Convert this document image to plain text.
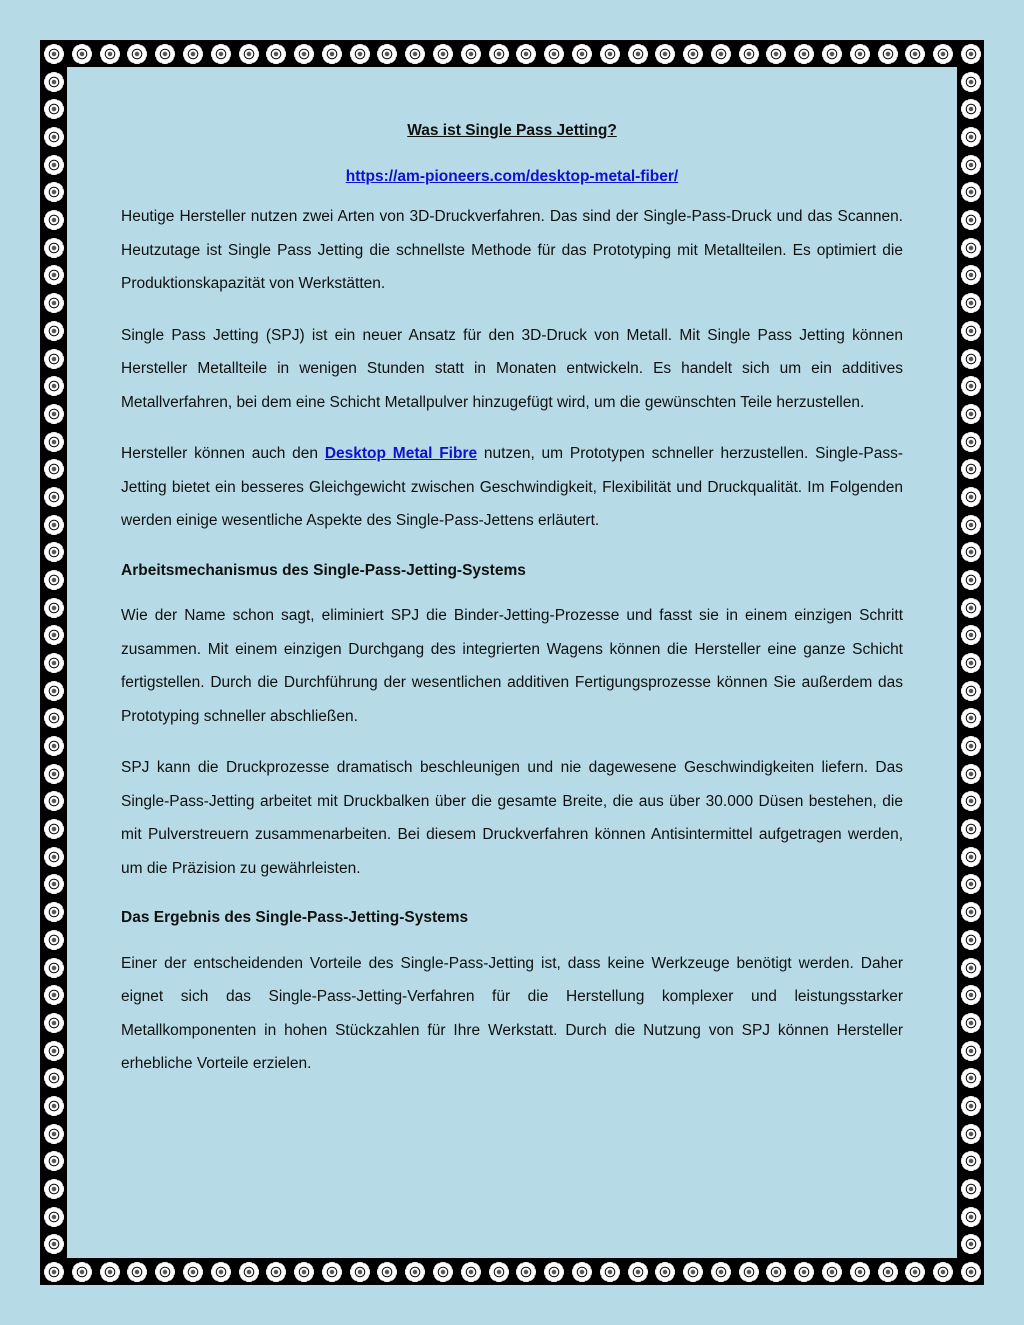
Was ist Single Pass Jetting?

https://am-pioneers.com/desktop-metal-fiber/

Heutige Hersteller nutzen zwei Arten von 3D-Druckverfahren. Das sind der Single-Pass-Druck und das Scannen. Heutzutage ist Single Pass Jetting die schnellste Methode für das Prototyping mit Metallteilen. Es optimiert die Produktionskapazität von Werkstätten.

Single Pass Jetting (SPJ) ist ein neuer Ansatz für den 3D-Druck von Metall. Mit Single Pass Jetting können Hersteller Metallteile in wenigen Stunden statt in Monaten entwickeln. Es handelt sich um ein additives Metallverfahren, bei dem eine Schicht Metallpulver hinzugefügt wird, um die gewünschten Teile herzustellen.

Hersteller können auch den Desktop Metal Fibre nutzen, um Prototypen schneller herzustellen. Single-Pass-Jetting bietet ein besseres Gleichgewicht zwischen Geschwindigkeit, Flexibilität und Druckqualität. Im Folgenden werden einige wesentliche Aspekte des Single-Pass-Jettens erläutert.

Arbeitsmechanismus des Single-Pass-Jetting-Systems

Wie der Name schon sagt, eliminiert SPJ die Binder-Jetting-Prozesse und fasst sie in einem einzigen Schritt zusammen. Mit einem einzigen Durchgang des integrierten Wagens können die Hersteller eine ganze Schicht fertigstellen. Durch die Durchführung der wesentlichen additiven Fertigungsprozesse können Sie außerdem das Prototyping schneller abschließen.

SPJ kann die Druckprozesse dramatisch beschleunigen und nie dagewesene Geschwindigkeiten liefern. Das Single-Pass-Jetting arbeitet mit Druckbalken über die gesamte Breite, die aus über 30.000 Düsen bestehen, die mit Pulverstreuern zusammenarbeiten. Bei diesem Druckverfahren können Antisintermittel aufgetragen werden, um die Präzision zu gewährleisten.

Das Ergebnis des Single-Pass-Jetting-Systems

Einer der entscheidenden Vorteile des Single-Pass-Jetting ist, dass keine Werkzeuge benötigt werden. Daher eignet sich das Single-Pass-Jetting-Verfahren für die Herstellung komplexer und leistungsstarker Metallkomponenten in hohen Stückzahlen für Ihre Werkstatt. Durch die Nutzung von SPJ können Hersteller erhebliche Vorteile erzielen.
